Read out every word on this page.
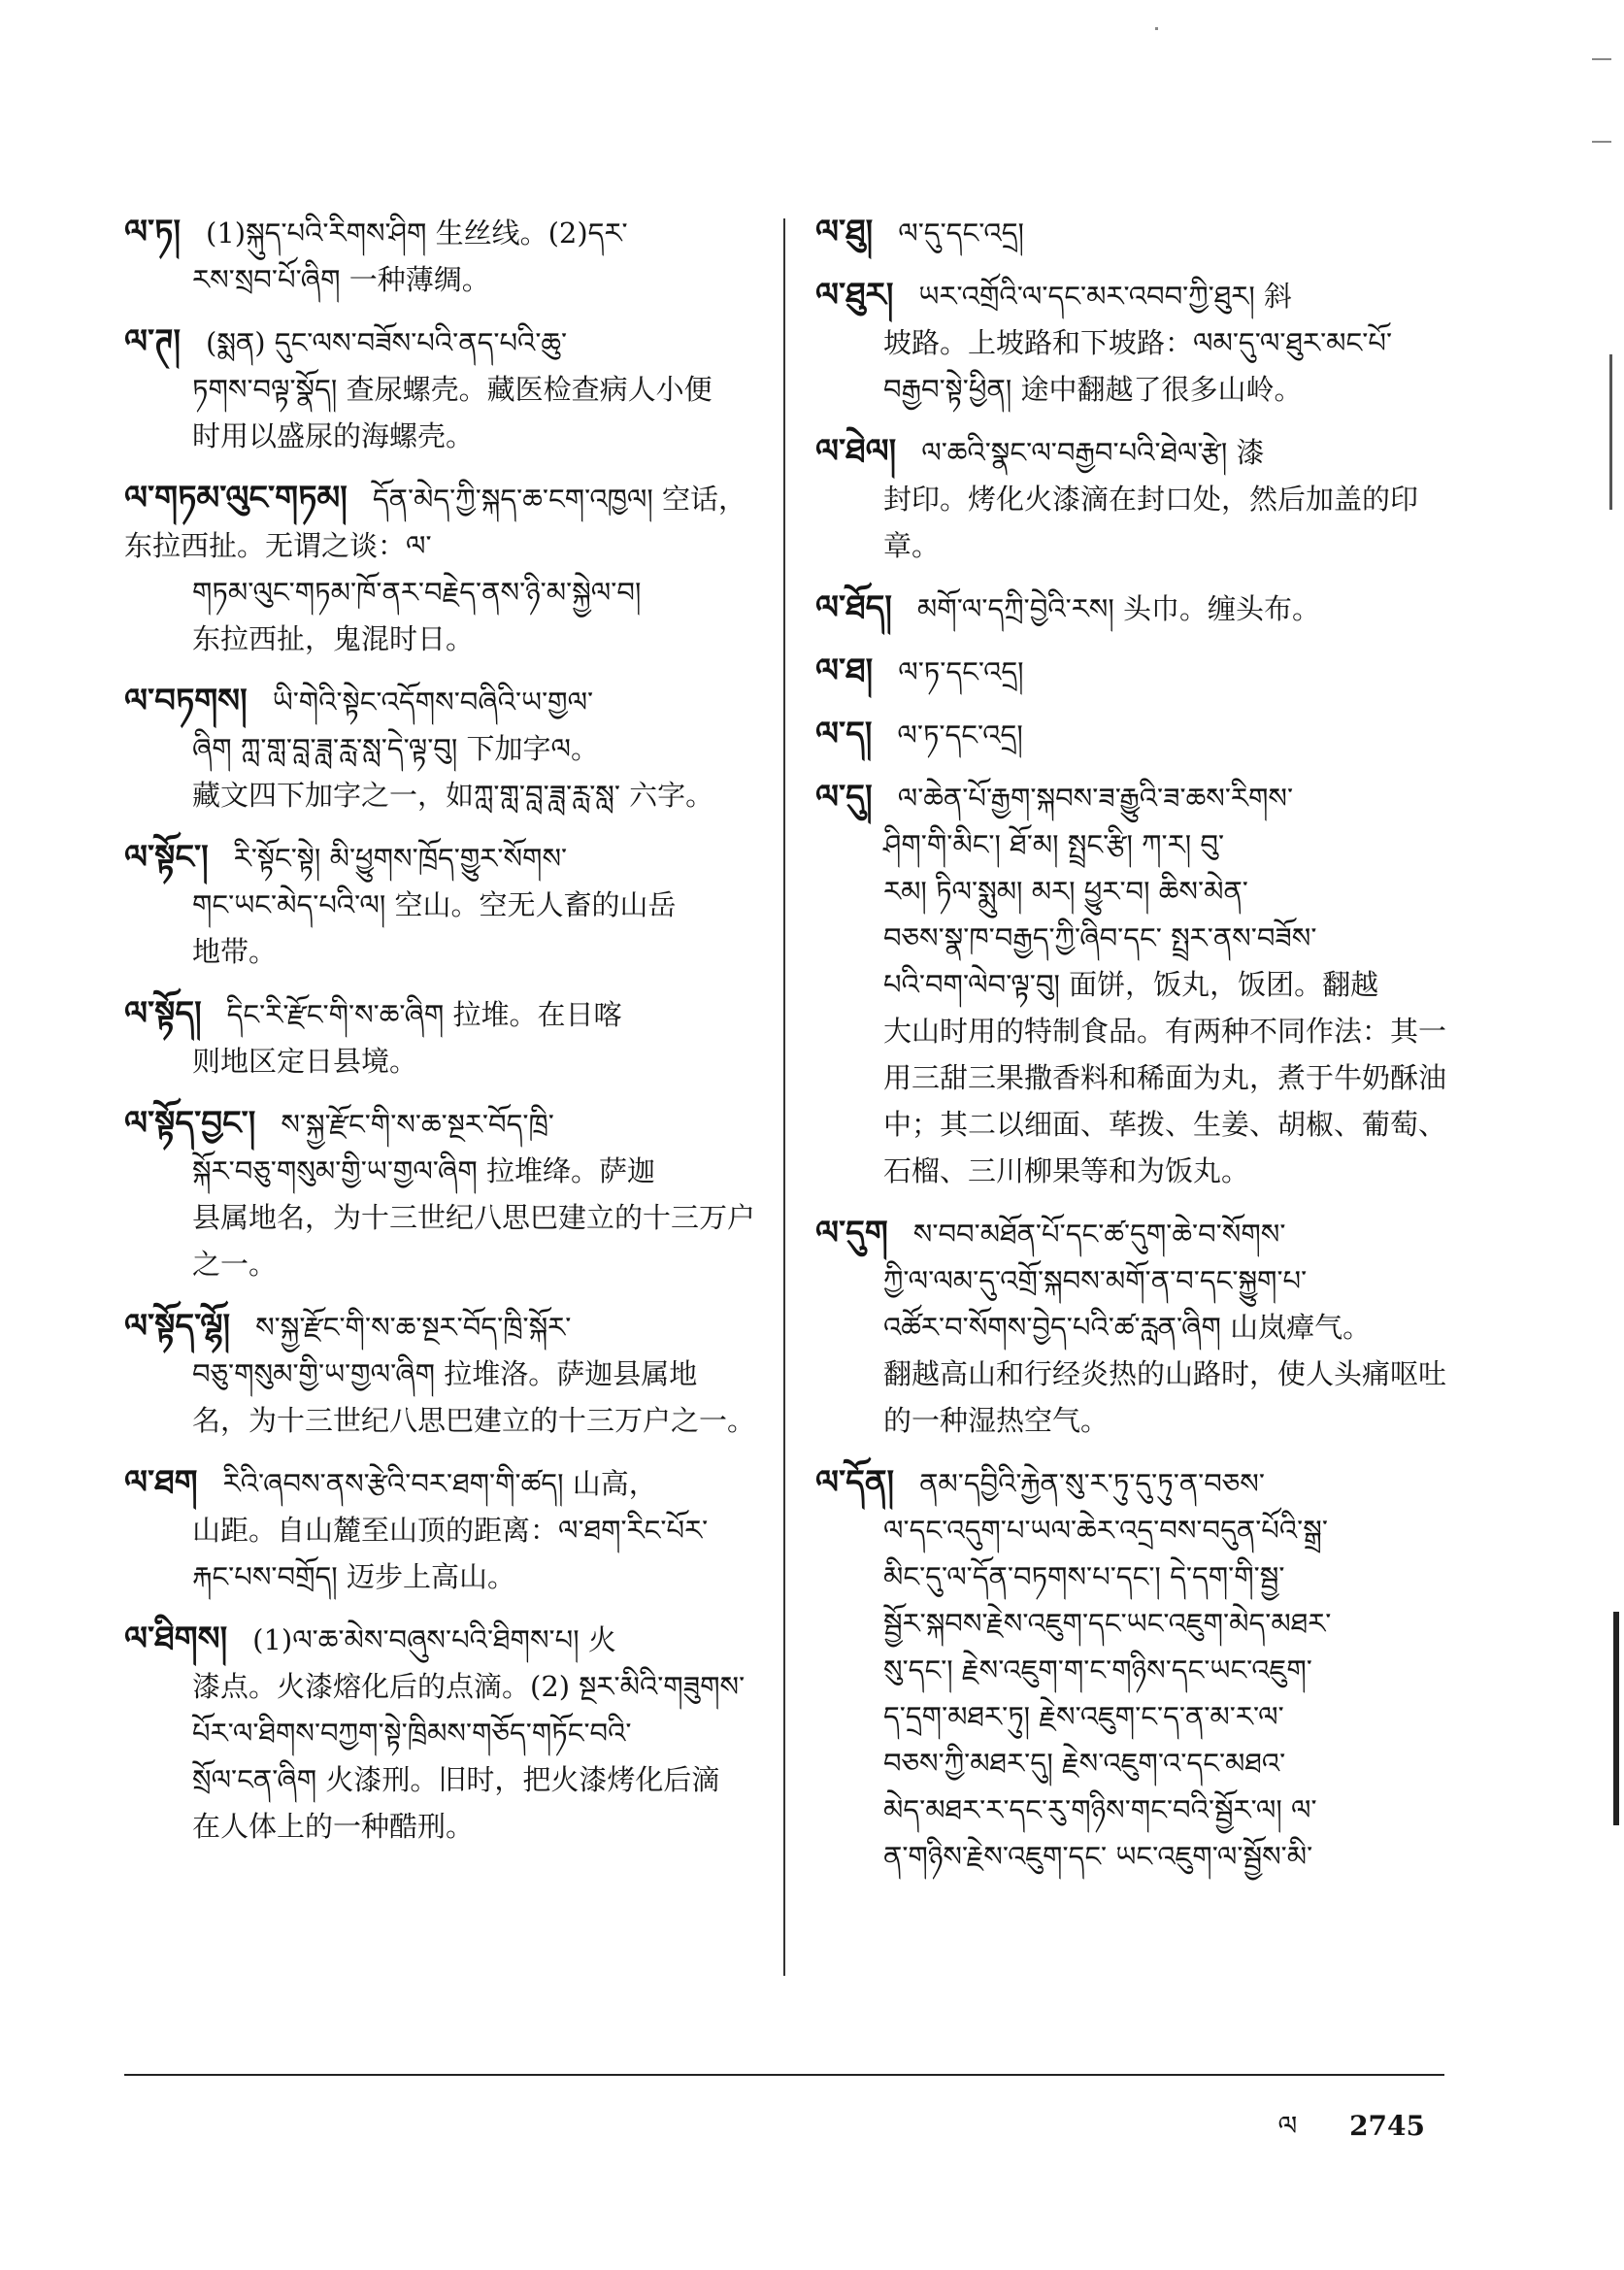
ལ་ཏ། (1)སྐུད་པའི་རིགས་ཤིག 生丝线。(2)དར་
རས་སྲབ་པོ་ཞིག 一种薄绸。
ལ་ཊ། (སྨན) དུང་ལས་བཟོས་པའི་ནད་པའི་ཆུ་
ཏགས་བལྟ་སྣོད། 查尿螺壳。藏医检查病人小便
时用以盛尿的海螺壳。
ལ་གཏམ་ལུང་གཏམ། དོན་མེད་ཀྱི་སྐད་ཆ་ངག་འཁྱལ། 空话，东拉西扯。无谓之谈：ལ་
གཏམ་ལུང་གཏམ་ཁོ་ནར་བརྗེད་ནས་ཉི་མ་སྐྱེལ་བ།
东拉西扯，鬼混时日。
ལ་བཏགས། ཡི་གེའི་སྟེང་འདོགས་བཞིའི་ཡ་གྱལ་
ཞིག ཀླ་གླ་བླ་ཟླ་རླ་སླ་དེ་ལྟ་བུ། 下加字ལ。
藏文四下加字之一，如ཀླ་གླ་བླ་ཟླ་རླ་སླ་ 六字。
ལ་སྟོང་། རི་སྟོང་སྟེ། མི་ཕྱུགས་ཁྲོད་གྱུར་སོགས་
གང་ཡང་མེད་པའི་ལ། 空山。空无人畜的山岳
地带。
ལ་སྟོད། དིང་རི་རྫོང་གི་ས་ཆ་ཞིག 拉堆。在日喀
则地区定日县境。
ལ་སྟོད་བྱང་། ས་སྐྱ་རྫོང་གི་ས་ཆ་སྔར་བོད་ཁྲི་
སྐོར་བཅུ་གསུམ་གྱི་ཡ་གྱལ་ཞིག 拉堆绛。萨迦
县属地名，为十三世纪八思巴建立的十三万户
之一。
ལ་སྟོད་ལྷོ། ས་སྐྱ་རྫོང་གི་ས་ཆ་སྔར་བོད་ཁྲི་སྐོར་
བཅུ་གསུམ་གྱི་ཡ་གྱལ་ཞིག 拉堆洛。萨迦县属地
名，为十三世纪八思巴建立的十三万户之一。
ལ་ཐག རིའི་ཞབས་ནས་རྩེའི་བར་ཐག་གི་ཚད། 山高，
山距。自山麓至山顶的距离：ལ་ཐག་རིང་པོར་
རྐང་པས་བགྲོད། 迈步上高山。
ལ་ཐིགས། (1)ལ་ཆ་མེས་བཞུས་པའི་ཐིགས་པ། 火
漆点。火漆熔化后的点滴。(2) སྔར་མིའི་གཟུགས་
པོར་ལ་ཐིགས་བཀྱག་སྟེ་ཁྲིམས་གཅོད་གཏོང་བའི་
སྲོལ་ངན་ཞིག 火漆刑。旧时，把火漆烤化后滴
在人体上的一种酷刑。
ལ་ཐུ། ལ་དུ་དང་འདྲ།
ལ་ཐུར། ཡར་འགྲོའི་ལ་དང་མར་འབབ་ཀྱི་ཐུར། 斜
坡路。上坡路和下坡路：ལམ་དུ་ལ་ཐུར་མང་པོ་
བརྒྱབ་སྟེ་ཕྱིན། 途中翻越了很多山岭。
ལ་ཐེལ། ལ་ཆའི་སྣང་ལ་བརྒྱབ་པའི་ཐེལ་རྩེ། 漆
封印。烤化火漆滴在封口处，然后加盖的印章。
ལ་ཐོད། མགོ་ལ་དཀྲི་བྱེའི་རས། 头巾。缠头布。
ལ་ཐ། ལ་ཏ་དང་འདྲ།
ལ་ད། ལ་ཏ་དང་འདྲ།
ལ་དུ། ལ་ཆེན་པོ་རྒྱག་སྐབས་ཟ་རྒྱུའི་ཟ་ཆས་རིགས་
ཤིག་གི་མིང་། ཐོ་མ། སྤྲང་རྩི། ཀ་ར། བུ་
རམ། ཏིལ་སྨུམ། མར། ཕྱུར་བ། ཆིས་མེན་
བཅས་སྣ་ཁ་བརྒྱད་ཀྱི་ཞིབ་དང་ སྤྲར་ནས་བཟོས་
པའི་བག་ལེབ་ལྟ་བུ། 面饼，饭丸，饭团。翻越
大山时用的特制食品。有两种不同作法：其一
用三甜三果撒香料和稀面为丸，煮于牛奶酥油
中；其二以细面、荜拨、生姜、胡椒、葡萄、
石榴、三川柳果等和为饭丸。
ལ་དུག ས་བབ་མཐོན་པོ་དང་ཚ་དུག་ཆེ་བ་སོགས་
ཀྱི་ལ་ལམ་དུ་འགྲོ་སྐབས་མགོ་ན་བ་དང་སྐྱུག་པ་
འཚོར་བ་སོགས་བྱེད་པའི་ཚ་རླན་ཞིག 山岚瘴气。
翻越高山和行经炎热的山路时，使人头痛呕吐
的一种湿热空气。
ལ་དོན། ནམ་དབྱིའི་རྐྱེན་སུ་ར་ཏུ་དུ་ཏུ་ན་བཅས་
ལ་དང་འདུག་པ་ཡལ་ཆེར་འདྲ་བས་བདུན་པོའི་སྒྲ་
མིང་དུ་ལ་དོན་བཏགས་པ་དང་། དེ་དག་གི་སྦྱ་
སྦྱོར་སྐབས་རྗེས་འཇུག་དང་ཡང་འཇུག་མེད་མཐར་
སུ་དང་། རྗེས་འཇུག་ག་ང་གཉིས་དང་ཡང་འཇུག་
ད་དྲག་མཐར་ཏུ། རྗེས་འཇུག་ང་ད་ན་མ་ར་ལ་
བཅས་ཀྱི་མཐར་དུ། རྗེས་འཇུག་འ་དང་མཐའ་
མེད་མཐར་ར་དང་རུ་གཉིས་གང་བའི་སྦྱོར་ལ། ལ་
ན་གཉིས་རྗེས་འཇུག་དང་ ཡང་འཇུག་ལ་སྦྱོས་མི་
ལ 2745
